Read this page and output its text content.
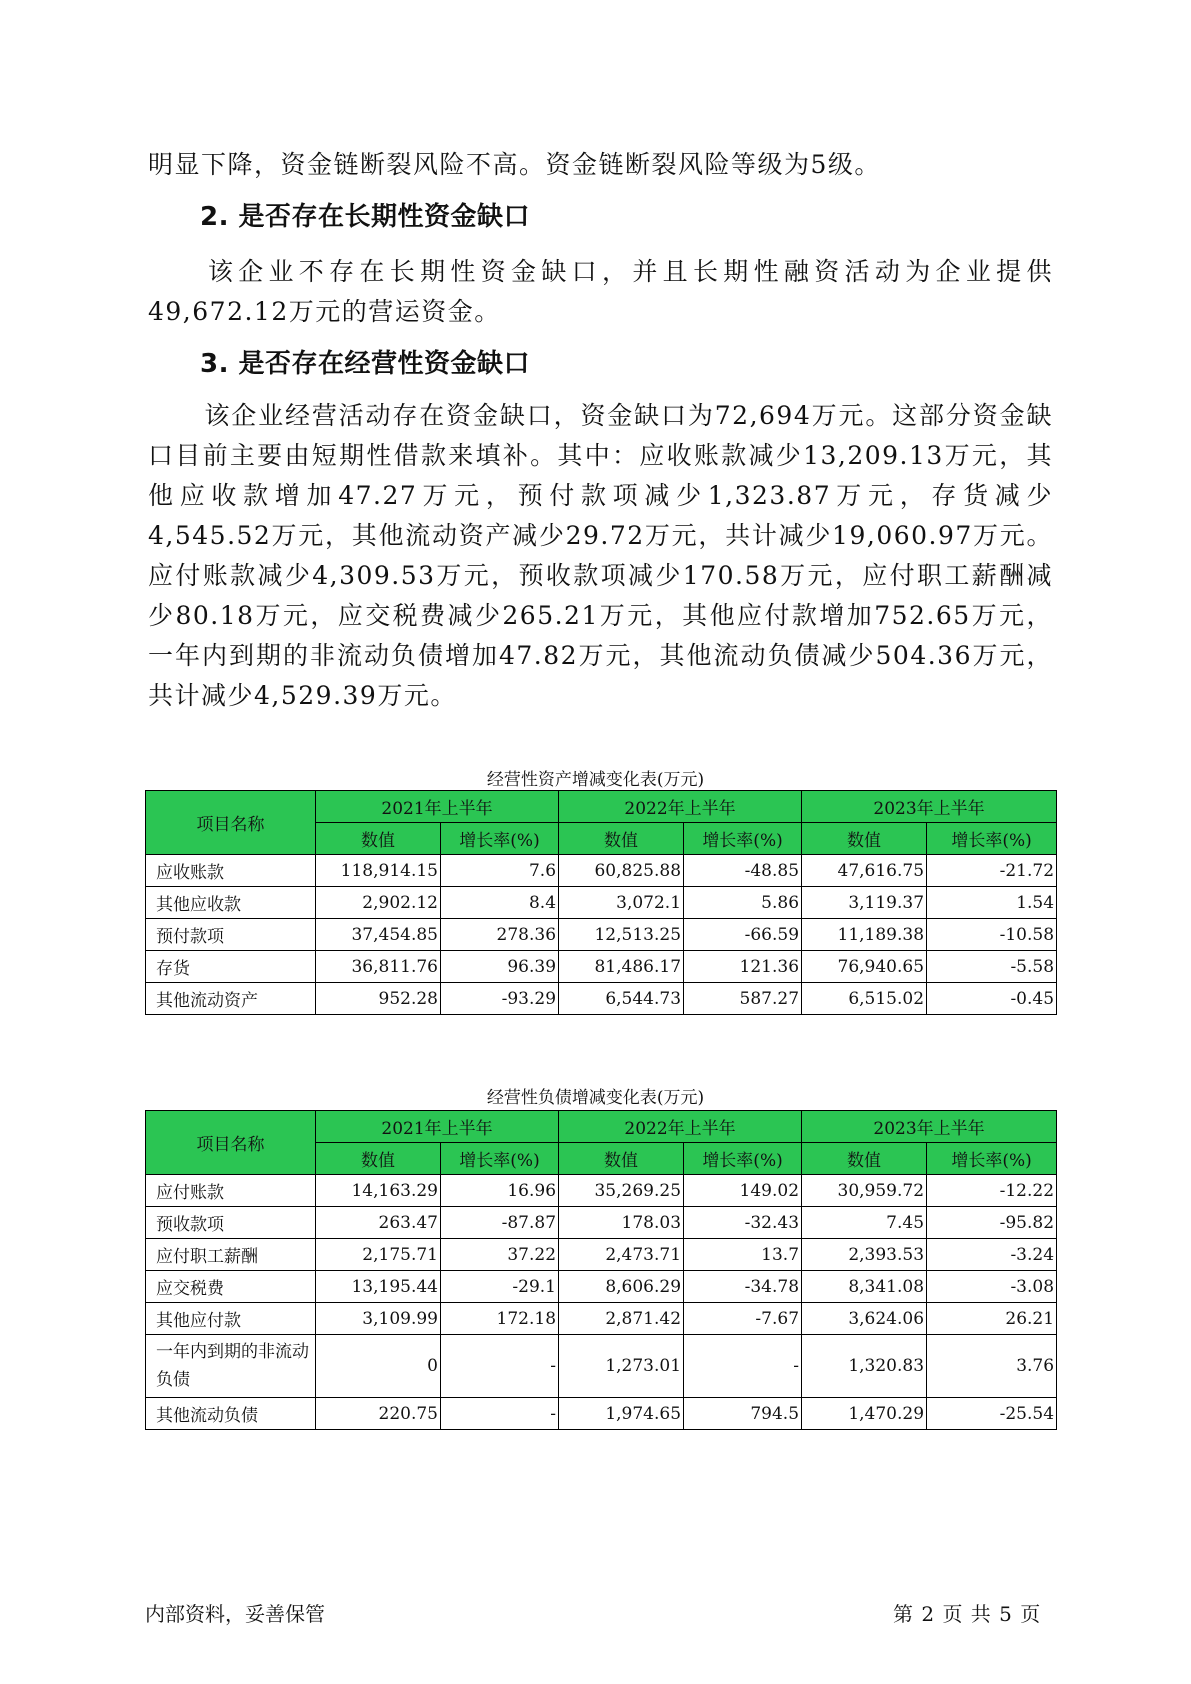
明显下降，资金链断裂风险不高。资金链断裂风险等级为5级。

2. 是否存在长期性资金缺口

该企业不存在长期性资金缺口，并且长期性融资活动为企业提供49,672.12万元的营运资金。

3. 是否存在经营性资金缺口

该企业经营活动存在资金缺口，资金缺口为72,694万元。这部分资金缺口目前主要由短期性借款来填补。其中：应收账款减少13,209.13万元，其他应收款增加47.27万元，预付款项减少1,323.87万元，存货减少4,545.52万元，其他流动资产减少29.72万元，共计减少19,060.97万元。应付账款减少4,309.53万元，预收款项减少170.58万元，应付职工薪酬减少80.18万元，应交税费减少265.21万元，其他应付款增加752.65万元，一年内到期的非流动负债增加47.82万元，其他流动负债减少504.36万元，共计减少4,529.39万元。

经营性资产增减变化表(万元)
项目名称	2021年上半年		2022年上半年		2023年上半年	
	数值	增长率(%)	数值	增长率(%)	数值	增长率(%)
应收账款	118,914.15	7.6	60,825.88	-48.85	47,616.75	-21.72
其他应收款	2,902.12	8.4	3,072.1	5.86	3,119.37	1.54
预付款项	37,454.85	278.36	12,513.25	-66.59	11,189.38	-10.58
存货	36,811.76	96.39	81,486.17	121.36	76,940.65	-5.58
其他流动资产	952.28	-93.29	6,544.73	587.27	6,515.02	-0.45
经营性负债增减变化表(万元)
项目名称	2021年上半年		2022年上半年		2023年上半年	
	数值	增长率(%)	数值	增长率(%)	数值	增长率(%)
应付账款	14,163.29	16.96	35,269.25	149.02	30,959.72	-12.22
预收款项	263.47	-87.87	178.03	-32.43	7.45	-95.82
应付职工薪酬	2,175.71	37.22	2,473.71	13.7	2,393.53	-3.24
应交税费	13,195.44	-29.1	8,606.29	-34.78	8,341.08	-3.08
其他应付款	3,109.99	172.18	2,871.42	-7.67	3,624.06	26.21
一年内到期的非流动负债	0	-	1,273.01	-	1,320.83	3.76
其他流动负债	220.75	-	1,974.65	794.5	1,470.29	-25.54
内部资料，妥善保管	第 2 页 共 5 页
